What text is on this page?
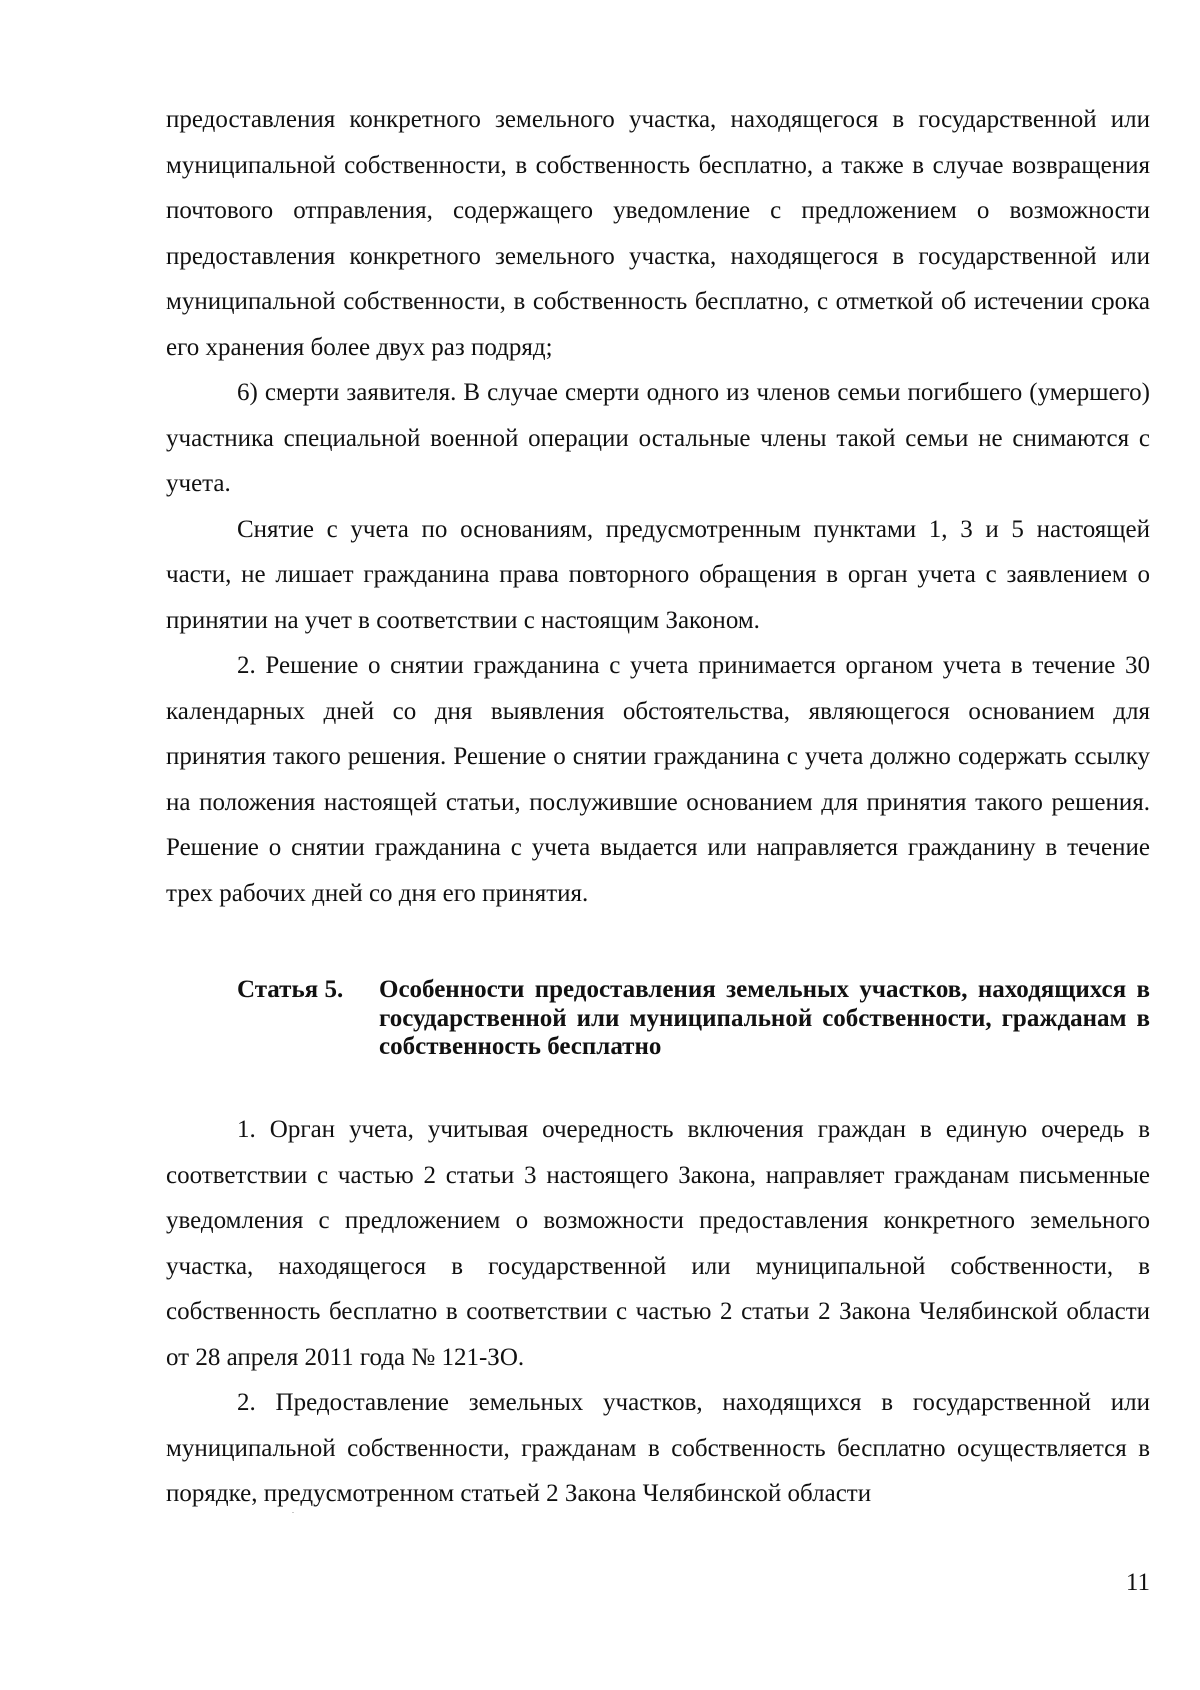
предоставления конкретного земельного участка, находящегося в государственной или муниципальной собственности, в собственность бесплатно, а также в случае возвращения почтового отправления, содержащего уведомление с предложением о возможности предоставления конкретного земельного участка, находящегося в государственной или муниципальной собственности, в собственность бесплатно, с отметкой об истечении срока его хранения более двух раз подряд;

6) смерти заявителя. В случае смерти одного из членов семьи погибшего (умершего) участника специальной военной операции остальные члены такой семьи не снимаются с учета.

Снятие с учета по основаниям, предусмотренным пунктами 1, 3 и 5 настоящей части, не лишает гражданина права повторного обращения в орган учета с заявлением о принятии на учет в соответствии с настоящим Законом.

2. Решение о снятии гражданина с учета принимается органом учета в течение 30 календарных дней со дня выявления обстоятельства, являющегося основанием для принятия такого решения. Решение о снятии гражданина с учета должно содержать ссылку на положения настоящей статьи, послужившие основанием для принятия такого решения. Решение о снятии гражданина с учета выдается или направляется гражданину в течение трех рабочих дней со дня его принятия.

Статья 5.	Особенности предоставления земельных участков, находящихся в государственной или муниципальной собственности, гражданам в собственность бесплатно

1. Орган учета, учитывая очередность включения граждан в единую очередь в соответствии с частью 2 статьи 3 настоящего Закона, направляет гражданам письменные уведомления с предложением о возможности предоставления конкретного земельного участка, находящегося в государственной или муниципальной собственности, в собственность бесплатно в соответствии с частью 2 статьи 2 Закона Челябинской области от 28 апреля 2011 года № 121-ЗО.

2. Предоставление земельных участков, находящихся в государственной или муниципальной собственности, гражданам в собственность бесплатно осуществляется в порядке, предусмотренном статьей 2 Закона Челябинской области

11
